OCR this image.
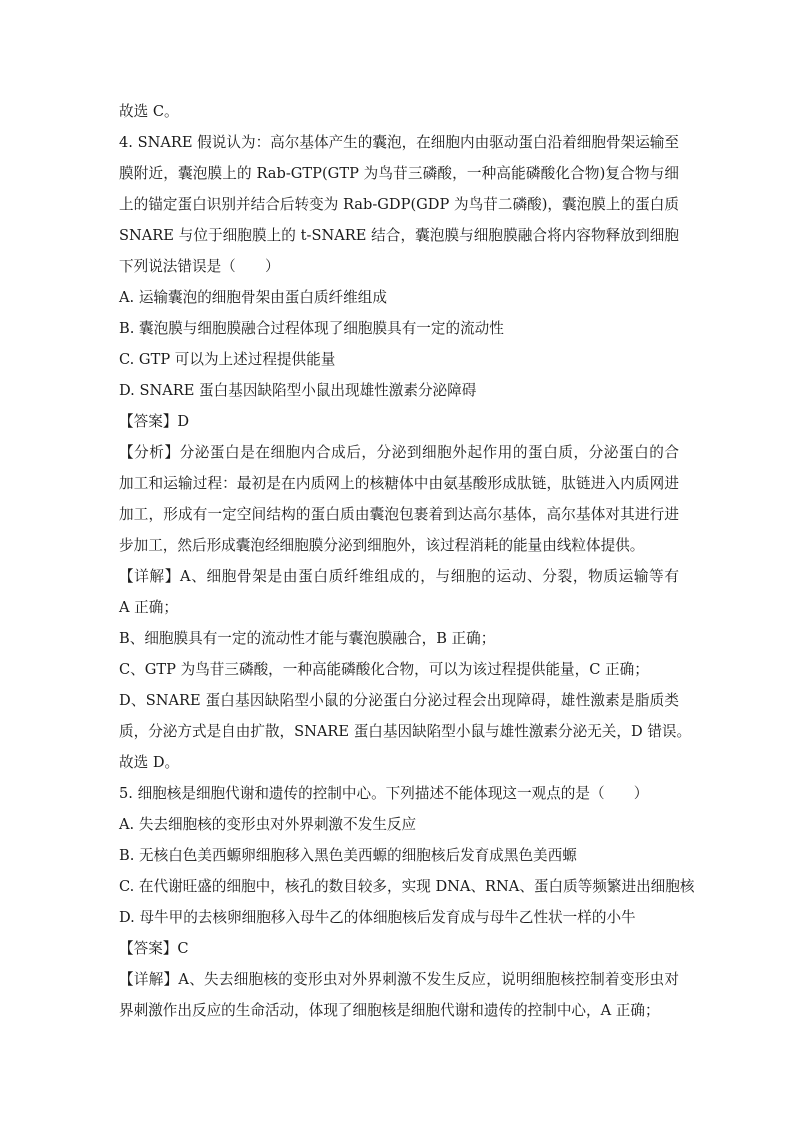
故选 C。
4. SNARE 假说认为：高尔基体产生的囊泡，在细胞内由驱动蛋白沿着细胞骨架运输至
膜附近，囊泡膜上的 Rab-GTP(GTP 为鸟苷三磷酸，一种高能磷酸化合物)复合物与细
上的锚定蛋白识别并结合后转变为 Rab-GDP(GDP 为鸟苷二磷酸)，囊泡膜上的蛋白质
SNARE 与位于细胞膜上的 t-SNARE 结合，囊泡膜与细胞膜融合将内容物释放到细胞
下列说法错误是（　　）
A. 运输囊泡的细胞骨架由蛋白质纤维组成
B. 囊泡膜与细胞膜融合过程体现了细胞膜具有一定的流动性
C. GTP 可以为上述过程提供能量
D. SNARE 蛋白基因缺陷型小鼠出现雄性激素分泌障碍
【答案】D
【分析】分泌蛋白是在细胞内合成后，分泌到细胞外起作用的蛋白质，分泌蛋白的合
加工和运输过程：最初是在内质网上的核糖体中由氨基酸形成肽链，肽链进入内质网进
加工，形成有一定空间结构的蛋白质由囊泡包裹着到达高尔基体，高尔基体对其进行进
步加工，然后形成囊泡经细胞膜分泌到细胞外，该过程消耗的能量由线粒体提供。
【详解】A、细胞骨架是由蛋白质纤维组成的，与细胞的运动、分裂，物质运输等有
A 正确；
B、细胞膜具有一定的流动性才能与囊泡膜融合，B 正确；
C、GTP 为鸟苷三磷酸，一种高能磷酸化合物，可以为该过程提供能量，C 正确；
D、SNARE 蛋白基因缺陷型小鼠的分泌蛋白分泌过程会出现障碍，雄性激素是脂质类
质，分泌方式是自由扩散，SNARE 蛋白基因缺陷型小鼠与雄性激素分泌无关，D 错误。
故选 D。
5. 细胞核是细胞代谢和遗传的控制中心。下列描述不能体现这一观点的是（　　）
A. 失去细胞核的变形虫对外界刺激不发生反应
B. 无核白色美西螈卵细胞移入黑色美西螈的细胞核后发育成黑色美西螈
C. 在代谢旺盛的细胞中，核孔的数目较多，实现 DNA、RNA、蛋白质等频繁进出细胞核
D. 母牛甲的去核卵细胞移入母牛乙的体细胞核后发育成与母牛乙性状一样的小牛
【答案】C
【详解】A、失去细胞核的变形虫对外界刺激不发生反应，说明细胞核控制着变形虫对
界刺激作出反应的生命活动，体现了细胞核是细胞代谢和遗传的控制中心，A 正确；
